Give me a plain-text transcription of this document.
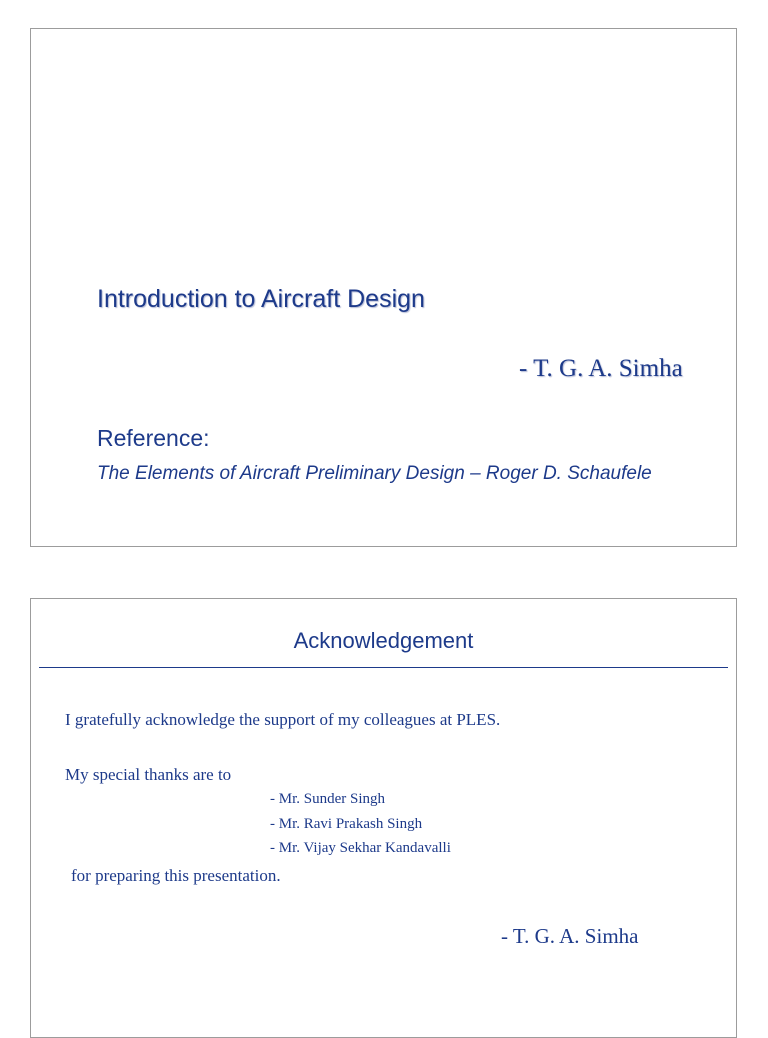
Introduction to Aircraft Design
- T. G. A. Simha
Reference:
The Elements of Aircraft Preliminary Design – Roger D. Schaufele
Acknowledgement
I gratefully acknowledge the support of my colleagues at PLES.
My special thanks are to
- Mr. Sunder Singh
- Mr. Ravi Prakash Singh
- Mr. Vijay Sekhar Kandavalli
for preparing this presentation.
- T. G. A. Simha
